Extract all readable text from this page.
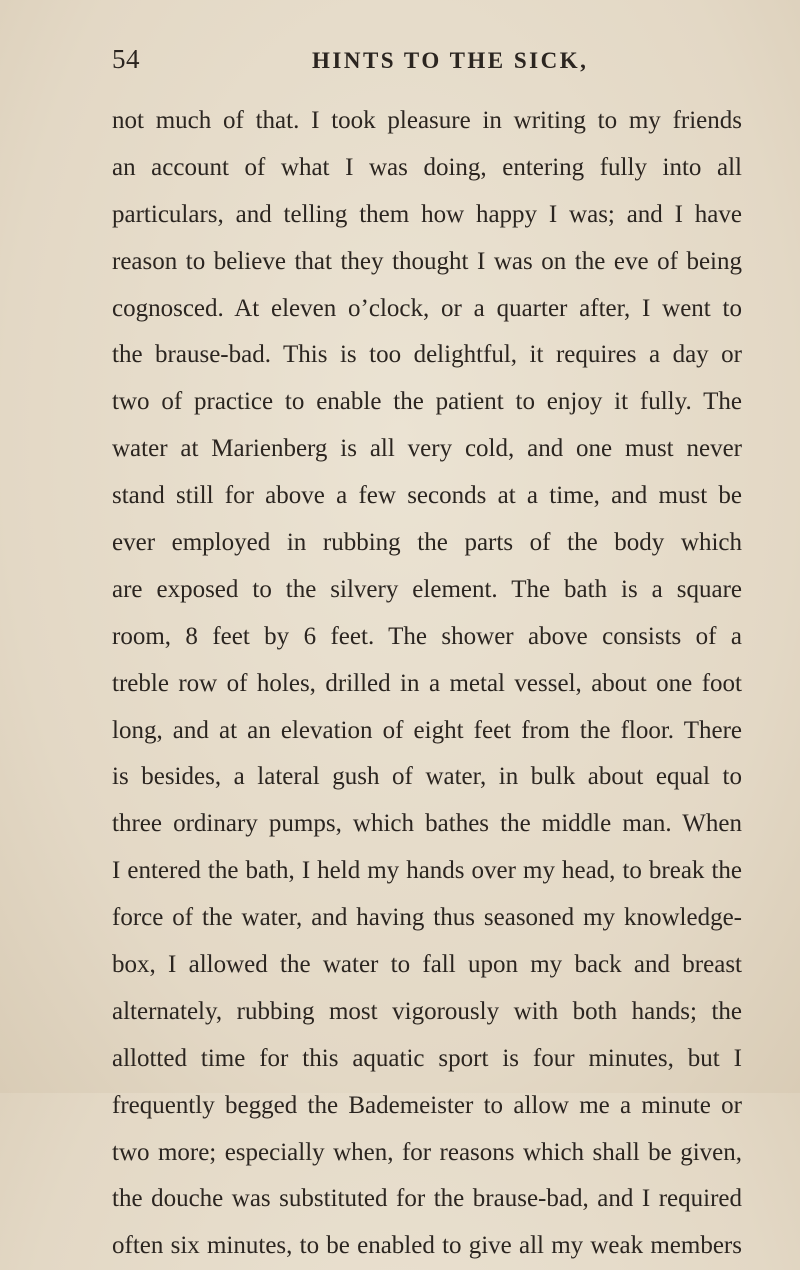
54	HINTS TO THE SICK,
not much of that. I took pleasure in writing to my friends
an account of what I was doing, entering fully into all
particulars, and telling them how happy I was; and I have
reason to believe that they thought I was on the eve of being
cognosced. At eleven o’clock, or a quarter after, I went to
the brause-bad. This is too delightful, it requires a day or
two of practice to enable the patient to enjoy it fully. The
water at Marienberg is all very cold, and one must never
stand still for above a few seconds at a time, and must be
ever employed in rubbing the parts of the body which
are exposed to the silvery element. The bath is a square
room, 8 feet by 6 feet. The shower above consists of a
treble row of holes, drilled in a metal vessel, about one foot
long, and at an elevation of eight feet from the floor. There
is besides, a lateral gush of water, in bulk about equal to
three ordinary pumps, which bathes the middle man. When
I entered the bath, I held my hands over my head, to break the
force of the water, and having thus seasoned my knowledge-
box, I allowed the water to fall upon my back and breast
alternately, rubbing most vigorously with both hands; the
allotted time for this aquatic sport is four minutes, but I
frequently begged the Bademeister to allow me a minute or
two more; especially when, for reasons which shall be given,
the douche was substituted for the brause-bad, and I required
often six minutes, to be enabled to give all my weak members
